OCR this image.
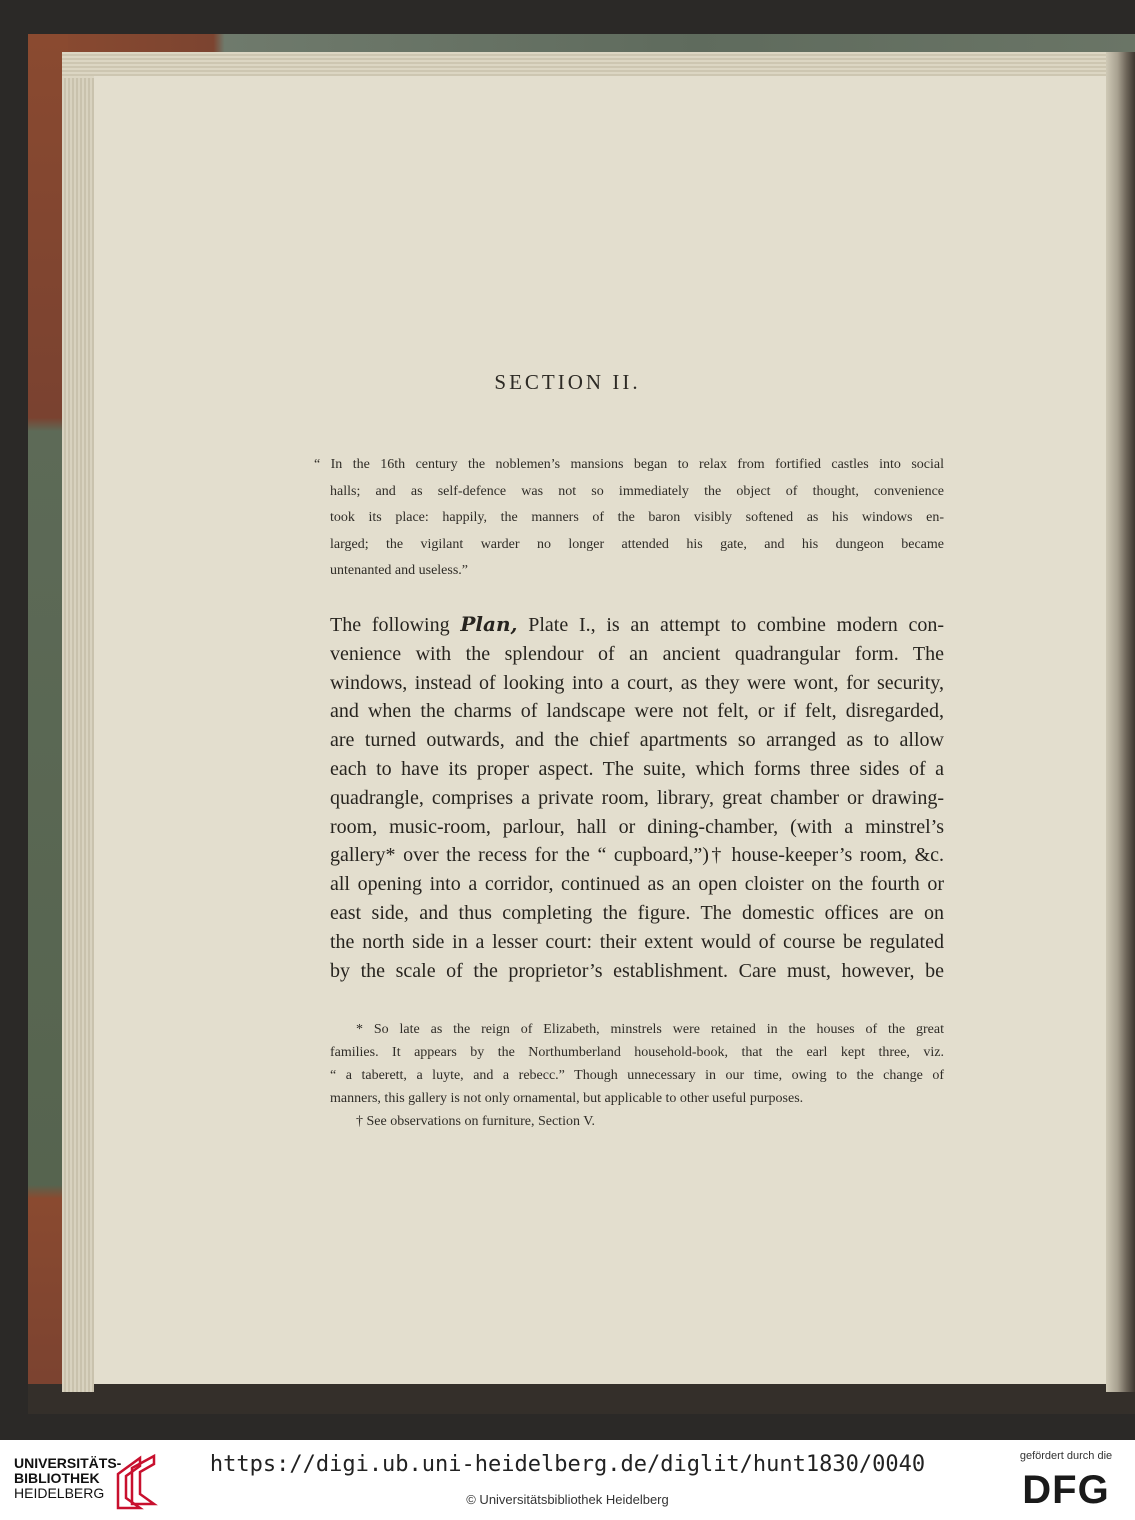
SECTION II.
“ In the 16th century the noblemen’s mansions began to relax from fortified castles into social
halls; and as self-defence was not so immediately the object of thought, convenience
took its place: happily, the manners of the baron visibly softened as his windows en-
larged; the vigilant warder no longer attended his gate, and his dungeon became
untenanted and useless.”
The following Plan, Plate I., is an attempt to combine modern con-
venience with the splendour of an ancient quadrangular form. The
windows, instead of looking into a court, as they were wont, for security,
and when the charms of landscape were not felt, or if felt, disregarded,
are turned outwards, and the chief apartments so arranged as to allow
each to have its proper aspect. The suite, which forms three sides of a
quadrangle, comprises a private room, library, great chamber or drawing-
room, music-room, parlour, hall or dining-chamber, (with a minstrel’s
gallery* over the recess for the “ cupboard,”)† house-keeper’s room, &c.
all opening into a corridor, continued as an open cloister on the fourth or
east side, and thus completing the figure. The domestic offices are on
the north side in a lesser court: their extent would of course be regulated
by the scale of the proprietor’s establishment. Care must, however, be
* So late as the reign of Elizabeth, minstrels were retained in the houses of the great
families. It appears by the Northumberland household-book, that the earl kept three, viz.
“ a taberett, a luyte, and a rebecc.” Though unnecessary in our time, owing to the change of
manners, this gallery is not only ornamental, but applicable to other useful purposes.
† See observations on furniture, Section V.
UNIVERSITÄTS-
BIBLIOTHEK
HEIDELBERG
https://digi.ub.uni-heidelberg.de/diglit/hunt1830/0040
© Universitätsbibliothek Heidelberg
gefördert durch die
DFG
